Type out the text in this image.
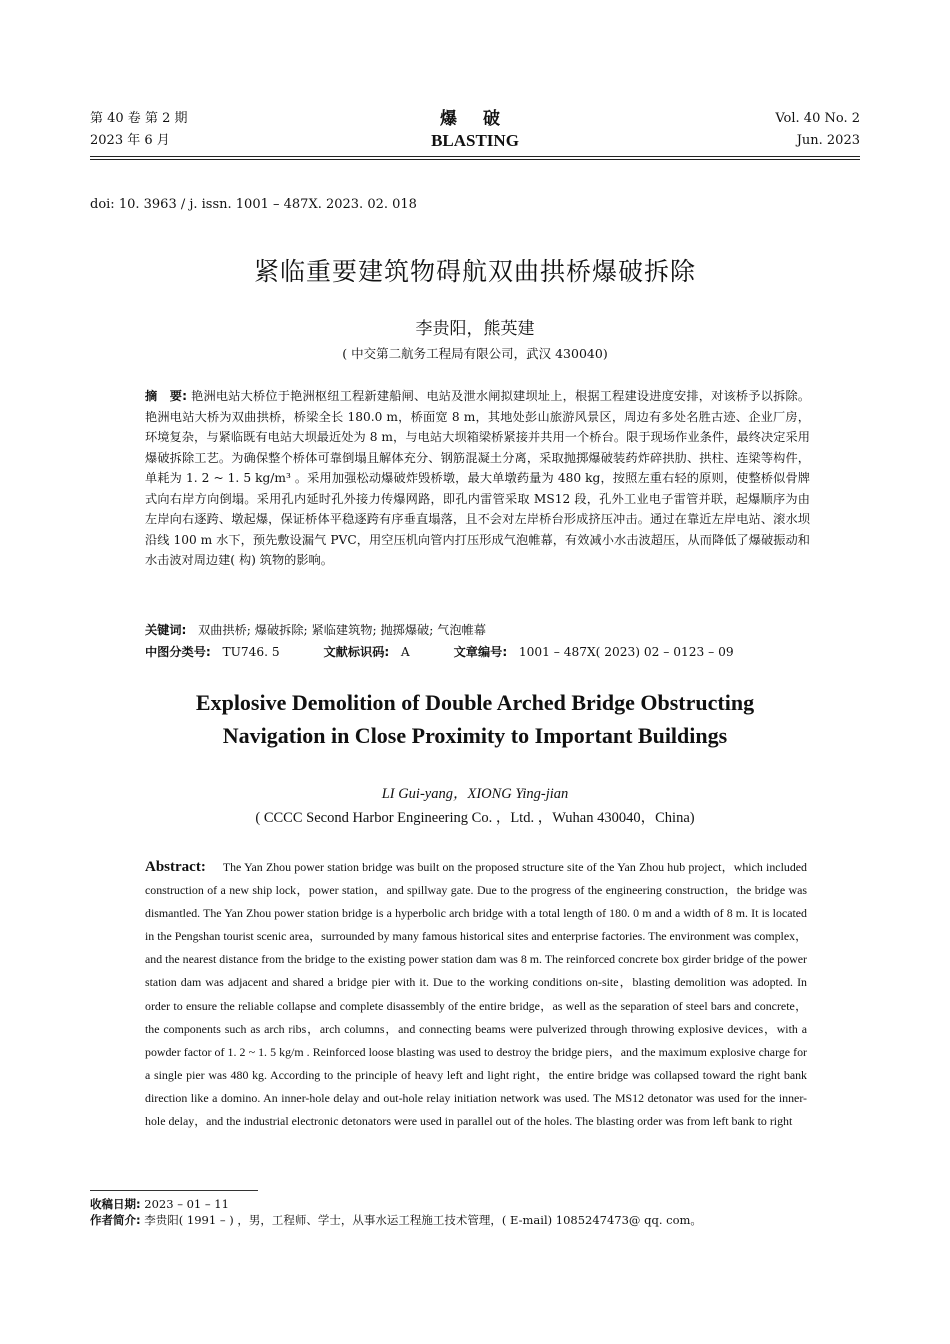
第 40 卷 第 2 期
2023 年 6 月
爆 破
BLASTING
Vol. 40 No. 2
Jun. 2023
doi: 10. 3963 / j. issn. 1001 – 487X. 2023. 02. 018
紧临重要建筑物碍航双曲拱桥爆破拆除
李贵阳，熊英建
( 中交第二航务工程局有限公司，武汉 430040)
摘　要: 艳洲电站大桥位于艳洲枢纽工程新建船闸、电站及泄水闸拟建坝址上，根据工程建设进度安排，对该桥予以拆除。艳洲电站大桥为双曲拱桥，桥梁全长 180.0 m，桥面宽 8 m，其地处彭山旅游风景区，周边有多处名胜古迹、企业厂房，环境复杂，与紧临既有电站大坝最近处为 8 m，与电站大坝箱梁桥紧接并共用一个桥台。限于现场作业条件，最终决定采用爆破拆除工艺。为确保整个桥体可靠倒塌且解体充分、钢筋混凝土分离，采取抛掷爆破装药炸碎拱肋、拱柱、连梁等构件，单耗为 1. 2 ~ 1. 5 kg/m³ 。采用加强松动爆破炸毁桥墩，最大单墩药量为 480 kg，按照左重右轻的原则，使整桥似骨牌式向右岸方向倒塌。采用孔内延时孔外接力传爆网路，即孔内雷管采取 MS12 段，孔外工业电子雷管并联，起爆顺序为由左岸向右逐跨、墩起爆，保证桥体平稳逐跨有序垂直塌落，且不会对左岸桥台形成挤压冲击。通过在靠近左岸电站、滚水坝沿线 100 m 水下，预先敷设漏气 PVC，用空压机向管内打压形成气泡帷幕，有效减小水击波超压，从而降低了爆破振动和水击波对周边建( 构) 筑物的影响。
关键词: 双曲拱桥; 爆破拆除; 紧临建筑物; 抛掷爆破; 气泡帷幕
中图分类号: TU746. 5	文献标识码: A	文章编号: 1001 – 487X( 2023) 02 – 0123 – 09
Explosive Demolition of Double Arched Bridge Obstructing Navigation in Close Proximity to Important Buildings
LI Gui-yang，XIONG Ying-jian
( CCCC Second Harbor Engineering Co. ，Ltd. ，Wuhan 430040，China)
Abstract: The Yan Zhou power station bridge was built on the proposed structure site of the Yan Zhou hub project，which included construction of a new ship lock，power station，and spillway gate. Due to the progress of the engineering construction，the bridge was dismantled. The Yan Zhou power station bridge is a hyperbolic arch bridge with a total length of 180. 0 m and a width of 8 m. It is located in the Pengshan tourist scenic area，surrounded by many famous historical sites and enterprise factories. The environment was complex，and the nearest distance from the bridge to the existing power station dam was 8 m. The reinforced concrete box girder bridge of the power station dam was adjacent and shared a bridge pier with it. Due to the working conditions on-site，blasting demolition was adopted. In order to ensure the reliable collapse and complete disassembly of the entire bridge，as well as the separation of steel bars and concrete，the components such as arch ribs，arch columns，and connecting beams were pulverized through throwing explosive devices，with a powder factor of 1. 2 ~ 1. 5 kg/m . Reinforced loose blasting was used to destroy the bridge piers，and the maximum explosive charge for a single pier was 480 kg. According to the principle of heavy left and light right，the entire bridge was collapsed toward the right bank direction like a domino. An inner-hole delay and out-hole relay initiation network was used. The MS12 detonator was used for the inner-hole delay，and the industrial electronic detonators were used in parallel out of the holes. The blasting order was from left bank to right
收稿日期: 2023 – 01 – 11
作者简介: 李贵阳( 1991 – ) ，男，工程师、学士，从事水运工程施工技术管理，( E-mail) 1085247473@ qq. com。
